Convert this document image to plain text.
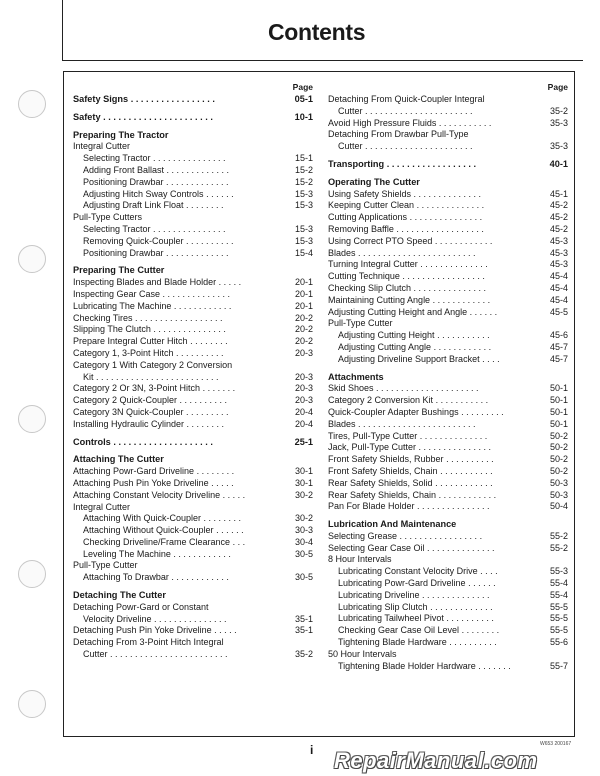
Contents
Page
Safety Signs . . . . . . . . . . . . . . . . .	05-1
Safety . . . . . . . . . . . . . . . . . . . . . .	10-1
Preparing The Tractor
Integral Cutter
Selecting Tractor . . . . . . . . . . . . . . .	15-1
Adding Front Ballast . . . . . . . . . . . . .	15-2
Positioning Drawbar . . . . . . . . . . . . .	15-2
Adjusting Hitch Sway Controls . . . . . .	15-3
Adjusting Draft Link Float . . . . . . . .	15-3
Pull-Type Cutters
Selecting Tractor . . . . . . . . . . . . . . .	15-3
Removing Quick-Coupler . . . . . . . . . .	15-3
Positioning Drawbar . . . . . . . . . . . . .	15-4
Preparing The Cutter
Inspecting Blades and Blade Holder . . . . .	20-1
Inspecting Gear Case . . . . . . . . . . . . . .	20-1
Lubricating The Machine . . . . . . . . . . . .	20-1
Checking Tires . . . . . . . . . . . . . . . . . .	20-2
Slipping The Clutch . . . . . . . . . . . . . . .	20-2
Prepare Integral Cutter Hitch . . . . . . . .	20-2
Category 1, 3-Point Hitch . . . . . . . . . .	20-3
Category 1 With Category 2 Conversion
Kit . . . . . . . . . . . . . . . . . . . . . . . . .	20-3
Category 2 Or 3N, 3-Point Hitch . . . . . . .	20-3
Category 2 Quick-Coupler . . . . . . . . . .	20-3
Category 3N Quick-Coupler . . . . . . . . .	20-4
Installing Hydraulic Cylinder . . . . . . . .	20-4
Controls . . . . . . . . . . . . . . . . . . . .	25-1
Attaching The Cutter
Attaching Powr-Gard Driveline . . . . . . . .	30-1
Attaching Push Pin Yoke Driveline . . . . .	30-1
Attaching Constant Velocity Driveline . . . . .	30-2
Integral Cutter
Attaching With Quick-Coupler . . . . . . . .	30-2
Attaching Without Quick-Coupler . . . . . .	30-3
Checking Driveline/Frame Clearance . . .	30-4
Leveling The Machine . . . . . . . . . . . .	30-5
Pull-Type Cutter
Attaching To Drawbar . . . . . . . . . . . .	30-5
Detaching The Cutter
Detaching Powr-Gard or Constant
Velocity Driveline . . . . . . . . . . . . . . .	35-1
Detaching Push Pin Yoke Driveline . . . . .	35-1
Detaching From 3-Point Hitch Integral
Cutter . . . . . . . . . . . . . . . . . . . . . . . .	35-2
Page
Detaching From Quick-Coupler Integral
Cutter . . . . . . . . . . . . . . . . . . . . . .	35-2
Avoid High Pressure Fluids . . . . . . . . . . .	35-3
Detaching From Drawbar Pull-Type
Cutter . . . . . . . . . . . . . . . . . . . . . .	35-3
Transporting . . . . . . . . . . . . . . . . . .	40-1
Operating The Cutter
Using Safety Shields . . . . . . . . . . . . . .	45-1
Keeping Cutter Clean . . . . . . . . . . . . . .	45-2
Cutting Applications . . . . . . . . . . . . . . .	45-2
Removing Baffle . . . . . . . . . . . . . . . . . .	45-2
Using Correct PTO Speed . . . . . . . . . . . .	45-3
Blades . . . . . . . . . . . . . . . . . . . . . . . .	45-3
Turning Integral Cutter . . . . . . . . . . . . . .	45-3
Cutting Technique . . . . . . . . . . . . . . . . .	45-4
Checking Slip Clutch . . . . . . . . . . . . . . .	45-4
Maintaining Cutting Angle . . . . . . . . . . . .	45-4
Adjusting Cutting Height and Angle . . . . . .	45-5
Pull-Type Cutter
Adjusting Cutting Height . . . . . . . . . . .	45-6
Adjusting Cutting Angle . . . . . . . . . . . .	45-7
Adjusting Driveline Support Bracket . . . .	45-7
Attachments
Skid Shoes . . . . . . . . . . . . . . . . . . . . .	50-1
Category 2 Conversion Kit . . . . . . . . . . .	50-1
Quick-Coupler Adapter Bushings . . . . . . . . .	50-1
Blades . . . . . . . . . . . . . . . . . . . . . . . .	50-1
Tires, Pull-Type Cutter . . . . . . . . . . . . . .	50-2
Jack, Pull-Type Cutter . . . . . . . . . . . . . . .	50-2
Front Safety Shields, Rubber . . . . . . . . . .	50-2
Front Safety Shields, Chain . . . . . . . . . . .	50-2
Rear Safety Shields, Solid . . . . . . . . . . . .	50-3
Rear Safety Shields, Chain . . . . . . . . . . . .	50-3
Pan For Blade Holder . . . . . . . . . . . . . . .	50-4
Lubrication And Maintenance
Selecting Grease . . . . . . . . . . . . . . . . .	55-2
Selecting Gear Case Oil . . . . . . . . . . . . . .	55-2
8 Hour Intervals
Lubricating Constant Velocity Drive . . . .	55-3
Lubricating Powr-Gard Driveline . . . . . .	55-4
Lubricating Driveline . . . . . . . . . . . . . .	55-4
Lubricating Slip Clutch . . . . . . . . . . . . .	55-5
Lubricating Tailwheel Pivot . . . . . . . . . .	55-5
Checking Gear Case Oil Level . . . . . . . .	55-5
Tightening Blade Hardware . . . . . . . . . .	55-6
50 Hour Intervals
Tightening Blade Holder Hardware . . . . . . .	55-7
i	W653 200167
RepairManual.com
